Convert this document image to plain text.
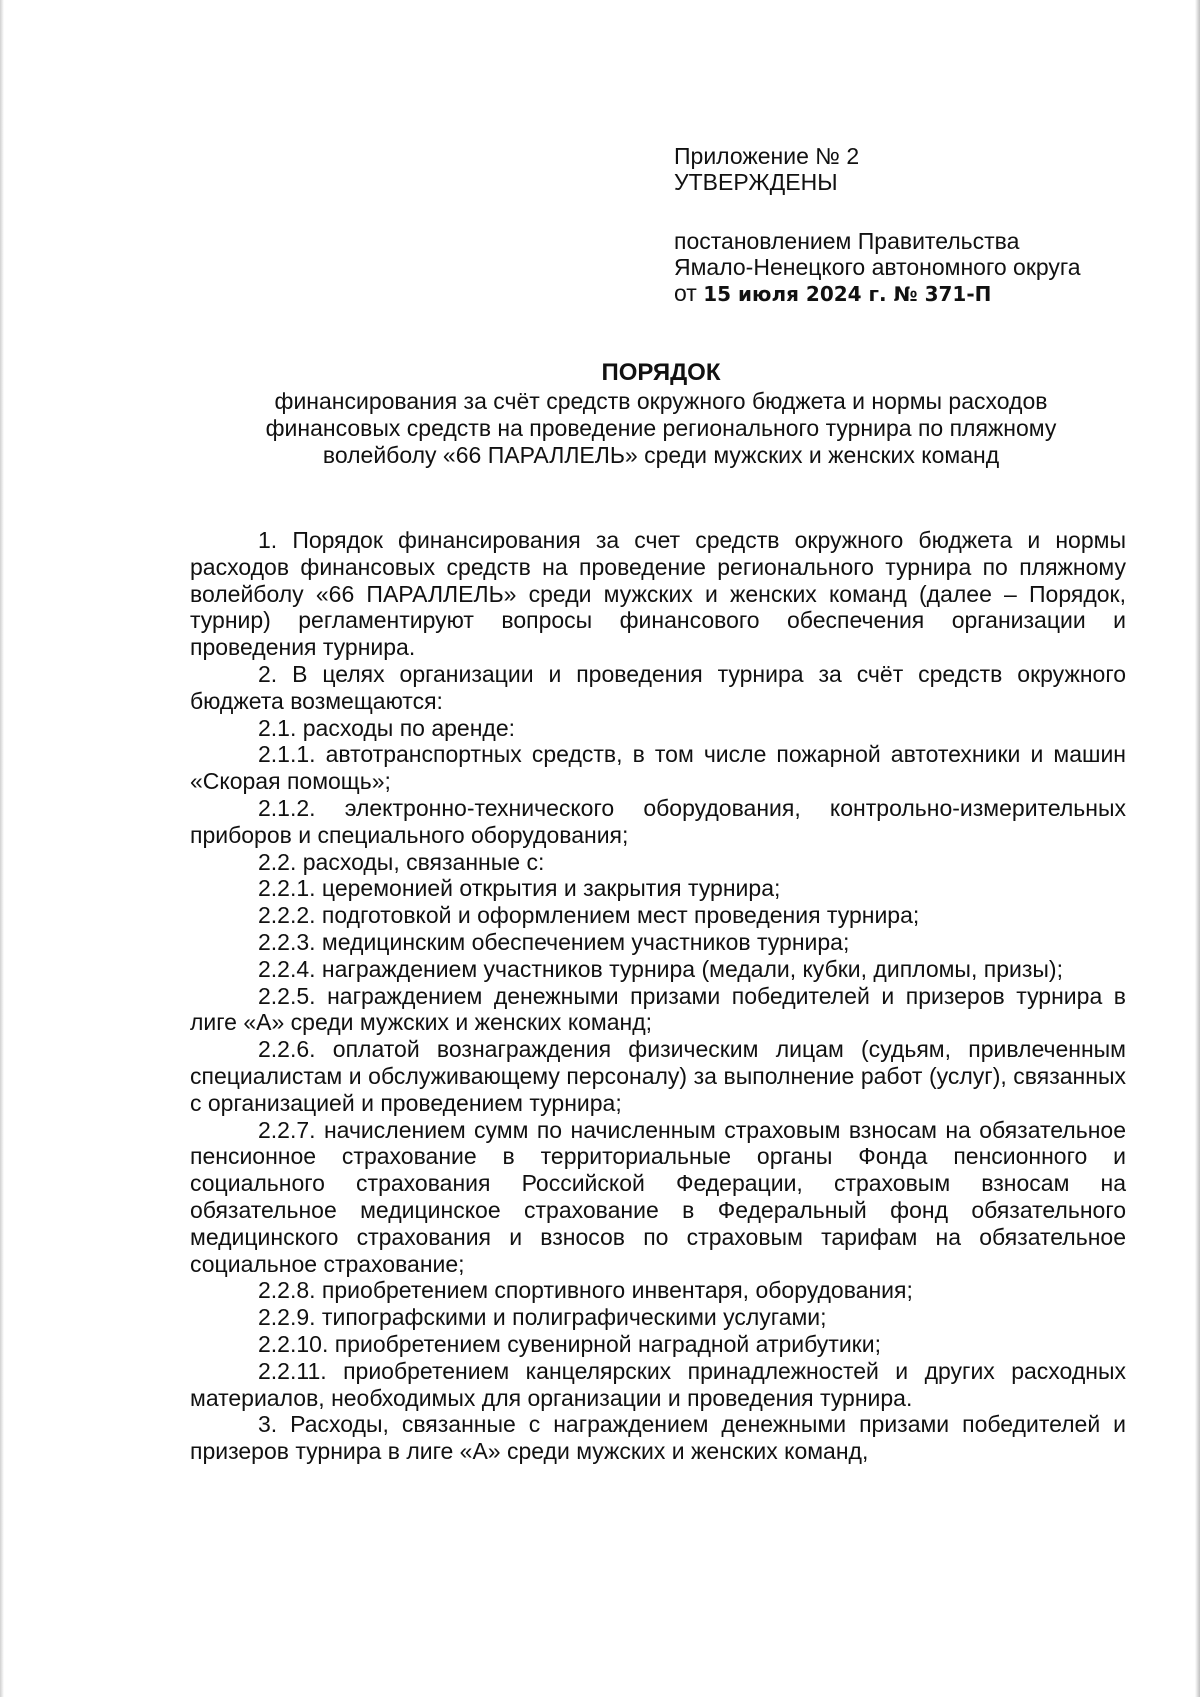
Приложение № 2
УТВЕРЖДЕНЫ
постановлением Правительства
Ямало-Ненецкого автономного округа
от 15 июля 2024 г. № 371-П
ПОРЯДОК
финансирования за счёт средств окружного бюджета и нормы расходов
финансовых средств на проведение регионального турнира по пляжному
волейболу «66 ПАРАЛЛЕЛЬ» среди мужских и женских команд

1. Порядок финансирования за счет средств окружного бюджета и нормы расходов финансовых средств на проведение регионального турнира по пляжному волейболу «66 ПАРАЛЛЕЛЬ» среди мужских и женских команд (далее – Порядок, турнир) регламентируют вопросы финансового обеспечения организации и проведения турнира.

2. В целях организации и проведения турнира за счёт средств окружного бюджета возмещаются:

2.1. расходы по аренде:

2.1.1. автотранспортных средств, в том числе пожарной автотехники и машин «Скорая помощь»;

2.1.2. электронно-технического оборудования, контрольно-измерительных приборов и специального оборудования;

2.2. расходы, связанные с:

2.2.1. церемонией открытия и закрытия турнира;

2.2.2. подготовкой и оформлением мест проведения турнира;

2.2.3. медицинским обеспечением участников турнира;

2.2.4. награждением участников турнира (медали, кубки, дипломы, призы);

2.2.5. награждением денежными призами победителей и призеров турнира в лиге «А» среди мужских и женских команд;

2.2.6. оплатой вознаграждения физическим лицам (судьям, привлеченным специалистам и обслуживающему персоналу) за выполнение работ (услуг), связанных с организацией и проведением турнира;

2.2.7. начислением сумм по начисленным страховым взносам на обязательное пенсионное страхование в территориальные органы Фонда пенсионного и социального страхования Российской Федерации, страховым взносам на обязательное медицинское страхование в Федеральный фонд обязательного медицинского страхования и взносов по страховым тарифам на обязательное социальное страхование;

2.2.8. приобретением спортивного инвентаря, оборудования;

2.2.9. типографскими и полиграфическими услугами;

2.2.10. приобретением сувенирной наградной атрибутики;

2.2.11. приобретением канцелярских принадлежностей и других расходных материалов, необходимых для организации и проведения турнира.

3. Расходы, связанные с награждением денежными призами победителей и призеров турнира в лиге «А» среди мужских и женских команд,
